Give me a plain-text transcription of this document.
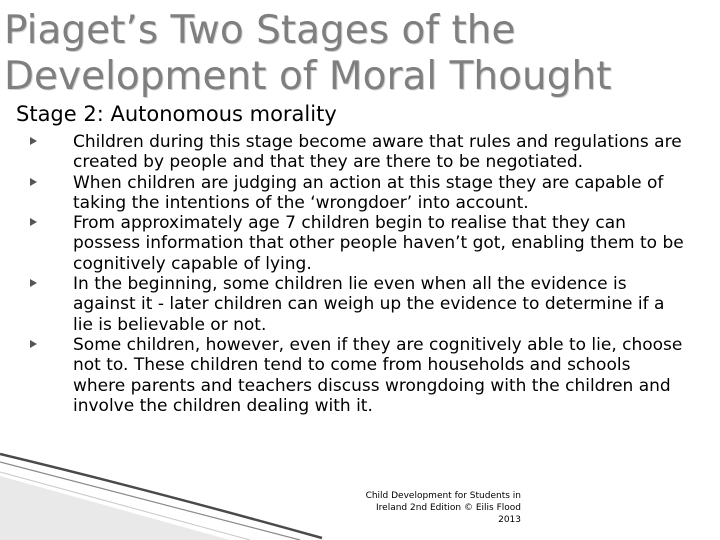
Piaget’s Two Stages of the Development of Moral Thought
Stage 2: Autonomous morality
Children during this stage become aware that rules and regulations are created by people and that they are there to be negotiated.
When children are judging an action at this stage they are capable of taking the intentions of the ‘wrongdoer’ into account.
From approximately age 7 children begin to realise that they can possess information that other people haven’t got, enabling them to be cognitively capable of lying.
In the beginning, some children lie even when all the evidence is against it - later children can weigh up the evidence to determine if a lie is believable or not.
Some children, however, even if they are cognitively able to lie, choose not to. These children tend to come from households and schools where parents and teachers discuss wrongdoing with the children and involve the children dealing with it.
Child Development for Students in
Ireland 2nd Edition © Eilis Flood
2013
